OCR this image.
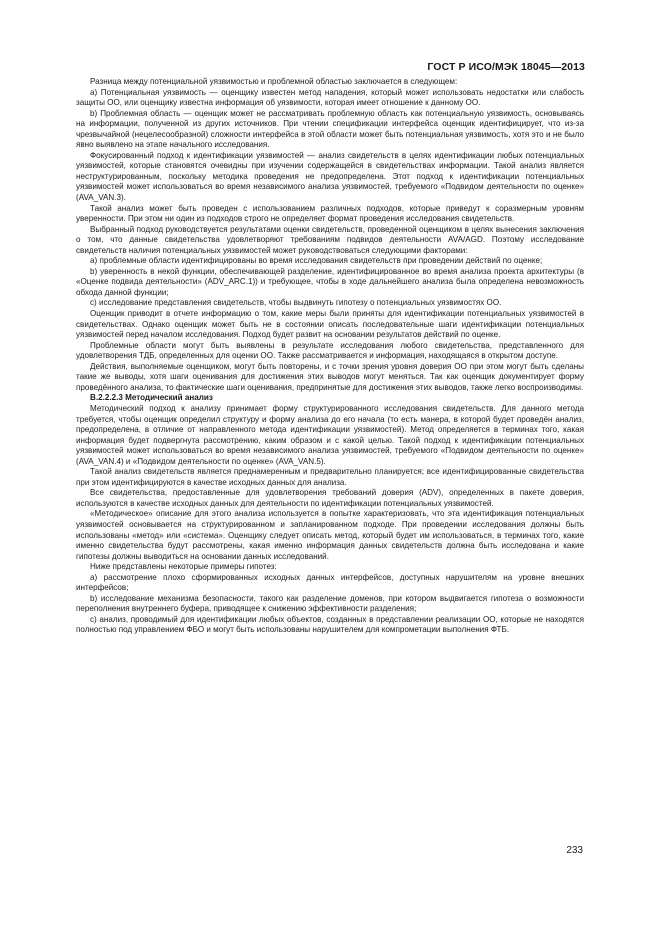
ГОСТ Р ИСО/МЭК 18045—2013

Разница между потенциальной уязвимостью и проблемной областью заключается в следующем:

a) Потенциальная уязвимость — оценщику известен метод нападения, который может использовать недостатки или слабость защиты ОО, или оценщику известна информация об уязвимости, которая имеет отношение к данному ОО.

b) Проблемная область — оценщик может не рассматривать проблемную область как потенциальную уязвимость, основываясь на информации, полученной из других источников. При чтении спецификации интерфейса оценщик идентифицирует, что из-за чрезвычайной (нецелесообразной) сложности интерфейса в этой области может быть потенциальная уязвимость, хотя это и не было явно выявлено на этапе начального исследования.

Фокусированный подход к идентификации уязвимостей — анализ свидетельств в целях идентификации любых потенциальных уязвимостей, которые становятся очевидны при изучении содержащейся в свидетельствах информации. Такой анализ является неструктурированным, поскольку методика проведения не предопределена. Этот подход к идентификации потенциальных уязвимостей может использоваться во время независимого анализа уязвимостей, требуемого «Подвидом деятельности по оценке» (AVA_VAN.3).

Такой анализ может быть проведен с использованием различных подходов, которые приведут к соразмерным уровням уверенности. При этом ни один из подходов строго не определяет формат проведения исследования свидетельств.

Выбранный подход руководствуется результатами оценки свидетельств, проведенной оценщиком в целях вынесения заключения о том, что данные свидетельства удовлетворяют требованиям подвидов деятельности AVA/AGD. Поэтому исследование свидетельств наличия потенциальных уязвимостей может руководствоваться следующими факторами:

a) проблемные области идентифицированы во время исследования свидетельств при проведении действий по оценке;

b) уверенность в некой функции, обеспечивающей разделение, идентифицированное во время анализа проекта архитектуры (в «Оценке подвида деятельности» (ADV_ARC.1)) и требующее, чтобы в ходе дальнейшего анализа была определена невозможность обхода данной функции;

c) исследование представления свидетельств, чтобы выдвинуть гипотезу о потенциальных уязвимостях ОО.

Оценщик приводит в отчете информацию о том, какие меры были приняты для идентификации потенциальных уязвимостей в свидетельствах. Однако оценщик может быть не в состоянии описать последовательные шаги идентификации потенциальных уязвимостей перед началом исследования. Подход будет развит на основании результатов действий по оценке.

Проблемные области могут быть выявлены в результате исследования любого свидетельства, представленного для удовлетворения ТДБ, определенных для оценки ОО. Также рассматривается и информация, находящаяся в открытом доступе.

Действия, выполняемые оценщиком, могут быть повторены, и с точки зрения уровня доверия ОО при этом могут быть сделаны такие же выводы, хотя шаги оценивания для достижения этих выводов могут меняться. Так как оценщик документирует форму проведённого анализа, то фактические шаги оценивания, предпринятые для достижения этих выводов, также легко воспроизводимы.

B.2.2.2.3 Методический анализ

Методический подход к анализу принимает форму структурированного исследования свидетельств. Для данного метода требуется, чтобы оценщик определил структуру и форму анализа до его начала (то есть манера, в которой будет проведён анализ, предопределена, в отличие от направленного метода идентификации уязвимостей). Метод определяется в терминах того, какая информация будет подвергнута рассмотрению, каким образом и с какой целью. Такой подход к идентификации потенциальных уязвимостей может использоваться во время независимого анализа уязвимостей, требуемого «Подвидом деятельности по оценке» (AVA_VAN.4) и «Подвидом деятельности по оценке» (AVA_VAN.5).

Такой анализ свидетельств является преднамеренным и предварительно планируется; все идентифицированные свидетельства при этом идентифицируются в качестве исходных данных для анализа.

Все свидетельства, предоставленные для удовлетворения требований доверия (ADV), определенных в пакете доверия, используются в качестве исходных данных для деятельности по идентификации потенциальных уязвимостей.

«Методическое» описание для этого анализа используется в попытке характеризовать, что эта идентификация потенциальных уязвимостей основывается на структурированном и запланированном подходе. При проведении исследования должны быть использованы «метод» или «система». Оценщику следует описать метод, который будет им использоваться, в терминах того, какие именно свидетельства будут рассмотрены, какая именно информация данных свидетельств должна быть исследована и какие гипотезы должны выводиться на основании данных исследований.

Ниже представлены некоторые примеры гипотез:

a) рассмотрение плохо сформированных исходных данных интерфейсов, доступных нарушителям на уровне внешних интерфейсов;

b) исследование механизма безопасности, такого как разделение доменов, при котором выдвигается гипотеза о возможности переполнения внутреннего буфера, приводящее к снижению эффективности разделения;

c) анализ, проводимый для идентификации любых объектов, созданных в представлении реализации ОО, которые не находятся полностью под управлением ФБО и могут быть использованы нарушителем для компрометации выполнения ФТБ.

233
